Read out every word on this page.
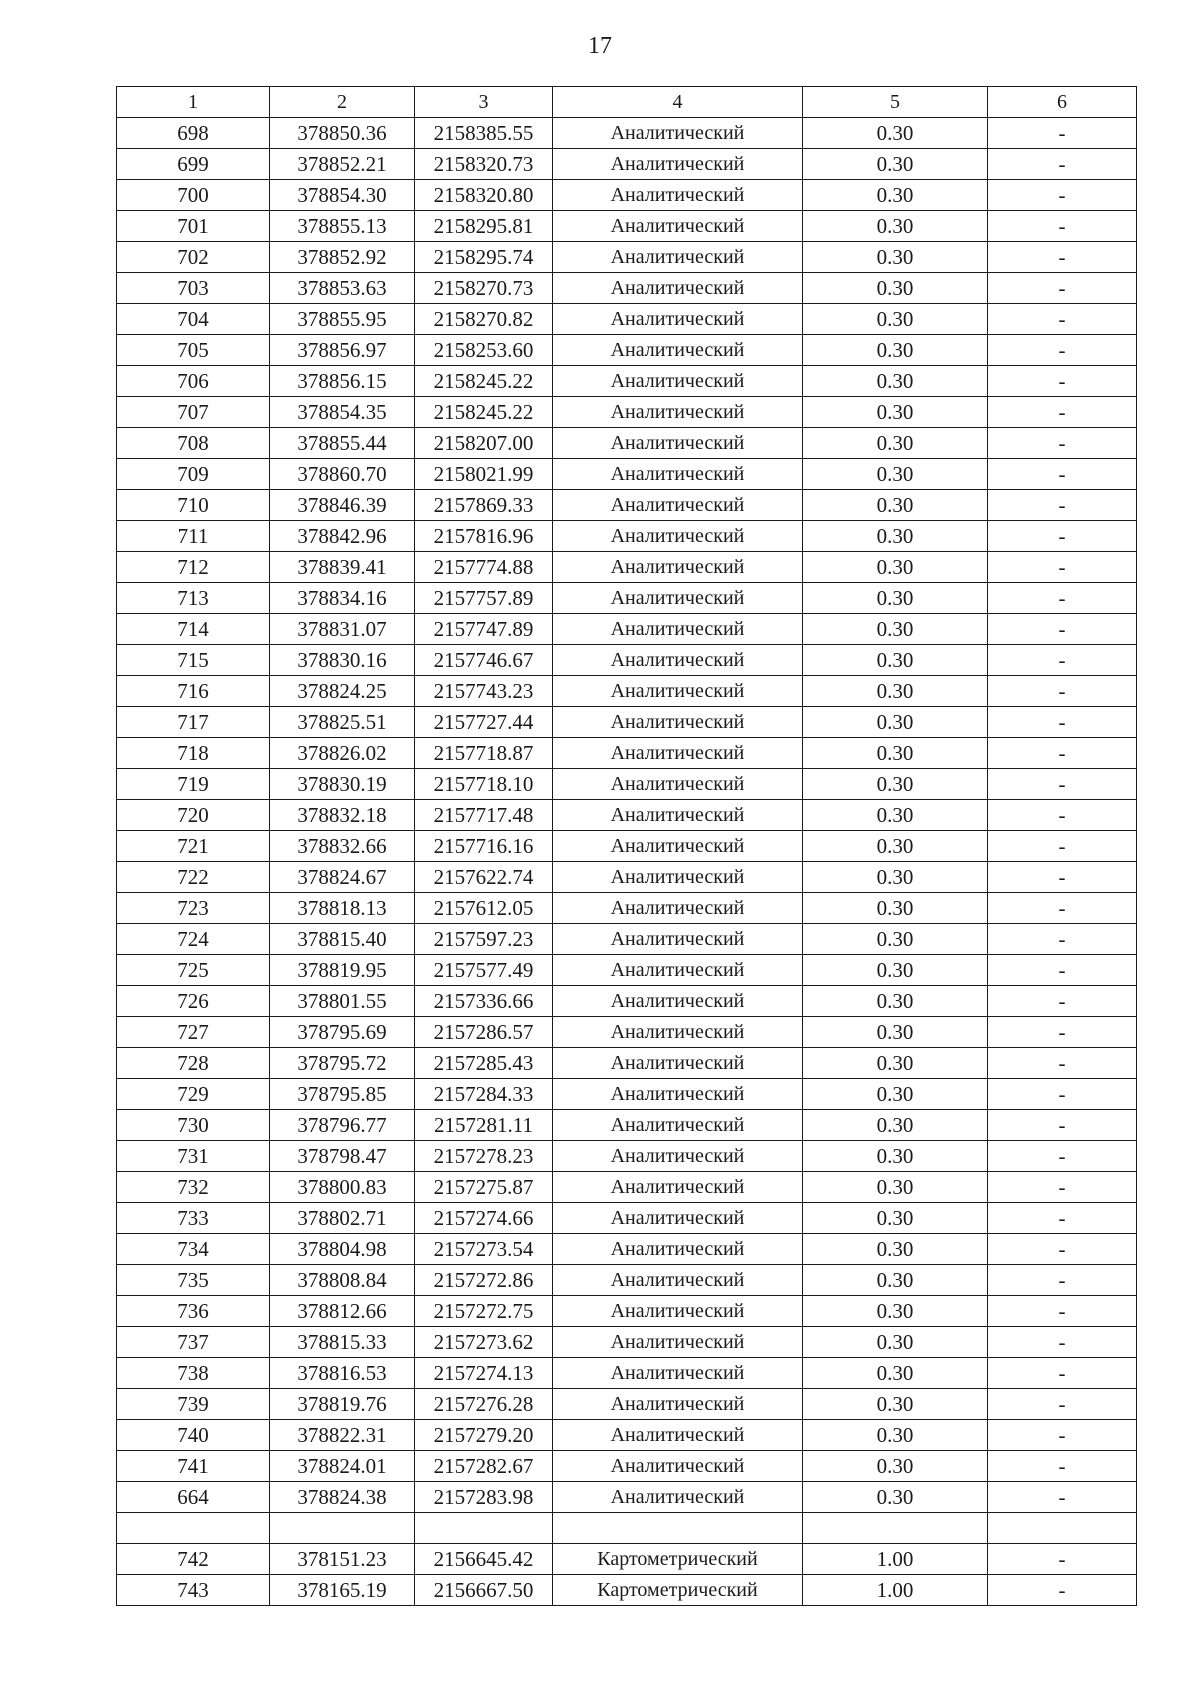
17
1	2	3	4	5	6
698	378850.36	2158385.55	Аналитический	0.30	-
699	378852.21	2158320.73	Аналитический	0.30	-
700	378854.30	2158320.80	Аналитический	0.30	-
701	378855.13	2158295.81	Аналитический	0.30	-
702	378852.92	2158295.74	Аналитический	0.30	-
703	378853.63	2158270.73	Аналитический	0.30	-
704	378855.95	2158270.82	Аналитический	0.30	-
705	378856.97	2158253.60	Аналитический	0.30	-
706	378856.15	2158245.22	Аналитический	0.30	-
707	378854.35	2158245.22	Аналитический	0.30	-
708	378855.44	2158207.00	Аналитический	0.30	-
709	378860.70	2158021.99	Аналитический	0.30	-
710	378846.39	2157869.33	Аналитический	0.30	-
711	378842.96	2157816.96	Аналитический	0.30	-
712	378839.41	2157774.88	Аналитический	0.30	-
713	378834.16	2157757.89	Аналитический	0.30	-
714	378831.07	2157747.89	Аналитический	0.30	-
715	378830.16	2157746.67	Аналитический	0.30	-
716	378824.25	2157743.23	Аналитический	0.30	-
717	378825.51	2157727.44	Аналитический	0.30	-
718	378826.02	2157718.87	Аналитический	0.30	-
719	378830.19	2157718.10	Аналитический	0.30	-
720	378832.18	2157717.48	Аналитический	0.30	-
721	378832.66	2157716.16	Аналитический	0.30	-
722	378824.67	2157622.74	Аналитический	0.30	-
723	378818.13	2157612.05	Аналитический	0.30	-
724	378815.40	2157597.23	Аналитический	0.30	-
725	378819.95	2157577.49	Аналитический	0.30	-
726	378801.55	2157336.66	Аналитический	0.30	-
727	378795.69	2157286.57	Аналитический	0.30	-
728	378795.72	2157285.43	Аналитический	0.30	-
729	378795.85	2157284.33	Аналитический	0.30	-
730	378796.77	2157281.11	Аналитический	0.30	-
731	378798.47	2157278.23	Аналитический	0.30	-
732	378800.83	2157275.87	Аналитический	0.30	-
733	378802.71	2157274.66	Аналитический	0.30	-
734	378804.98	2157273.54	Аналитический	0.30	-
735	378808.84	2157272.86	Аналитический	0.30	-
736	378812.66	2157272.75	Аналитический	0.30	-
737	378815.33	2157273.62	Аналитический	0.30	-
738	378816.53	2157274.13	Аналитический	0.30	-
739	378819.76	2157276.28	Аналитический	0.30	-
740	378822.31	2157279.20	Аналитический	0.30	-
741	378824.01	2157282.67	Аналитический	0.30	-
664	378824.38	2157283.98	Аналитический	0.30	-

742	378151.23	2156645.42	Картометрический	1.00	-
743	378165.19	2156667.50	Картометрический	1.00	-
